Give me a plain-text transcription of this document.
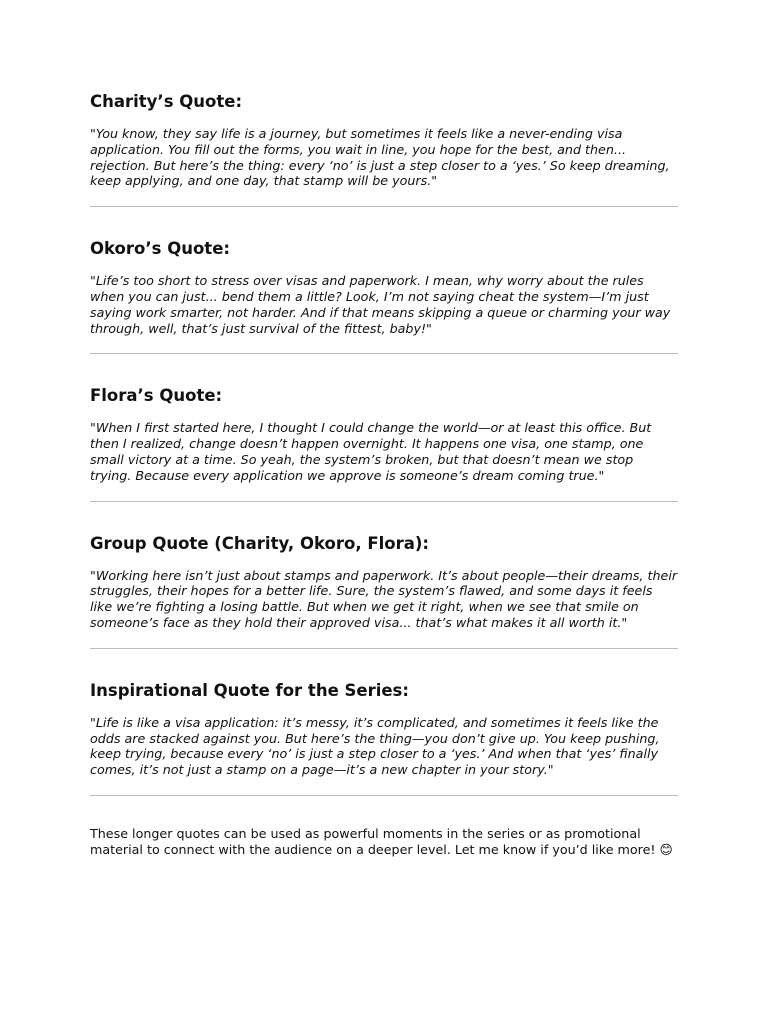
Charity’s Quote:

"You know, they say life is a journey, but sometimes it feels like a never-ending visa application. You fill out the forms, you wait in line, you hope for the best, and then... rejection. But here’s the thing: every ‘no’ is just a step closer to a ‘yes.’ So keep dreaming, keep applying, and one day, that stamp will be yours."

Okoro’s Quote:

"Life’s too short to stress over visas and paperwork. I mean, why worry about the rules when you can just... bend them a little? Look, I’m not saying cheat the system—I’m just saying work smarter, not harder. And if that means skipping a queue or charming your way through, well, that’s just survival of the fittest, baby!"

Flora’s Quote:

"When I first started here, I thought I could change the world—or at least this office. But then I realized, change doesn’t happen overnight. It happens one visa, one stamp, one small victory at a time. So yeah, the system’s broken, but that doesn’t mean we stop trying. Because every application we approve is someone’s dream coming true."

Group Quote (Charity, Okoro, Flora):

"Working here isn’t just about stamps and paperwork. It’s about people—their dreams, their struggles, their hopes for a better life. Sure, the system’s flawed, and some days it feels like we’re fighting a losing battle. But when we get it right, when we see that smile on someone’s face as they hold their approved visa... that’s what makes it all worth it."

Inspirational Quote for the Series:

"Life is like a visa application: it’s messy, it’s complicated, and sometimes it feels like the odds are stacked against you. But here’s the thing—you don’t give up. You keep pushing, keep trying, because every ‘no’ is just a step closer to a ‘yes.’ And when that ‘yes’ finally comes, it’s not just a stamp on a page—it’s a new chapter in your story."

These longer quotes can be used as powerful moments in the series or as promotional material to connect with the audience on a deeper level. Let me know if you’d like more! 😊
